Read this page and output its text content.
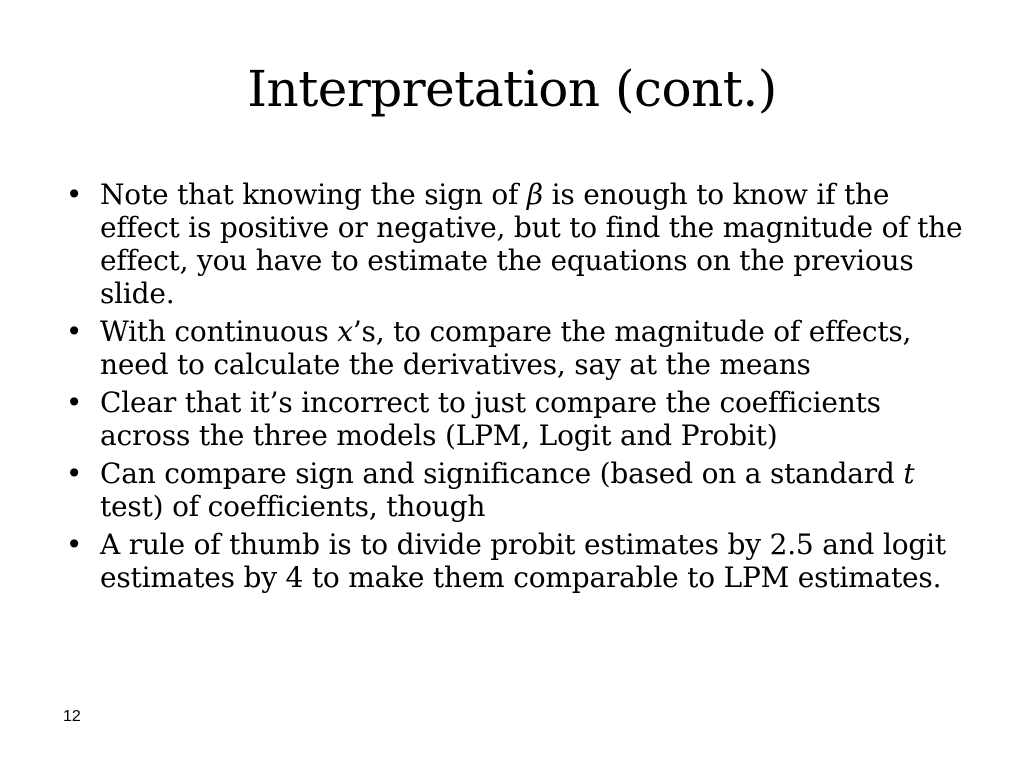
Interpretation (cont.)
• Note that knowing the sign of β is enough to know if the effect is positive or negative, but to find the magnitude of the effect, you have to estimate the equations on the previous slide.
• With continuous x’s, to compare the magnitude of effects, need to calculate the derivatives, say at the means
• Clear that it’s incorrect to just compare the coefficients across the three models (LPM, Logit and Probit)
• Can compare sign and significance (based on a standard t test) of coefficients, though
• A rule of thumb is to divide probit estimates by 2.5 and logit estimates by 4 to make them comparable to LPM estimates.
12
